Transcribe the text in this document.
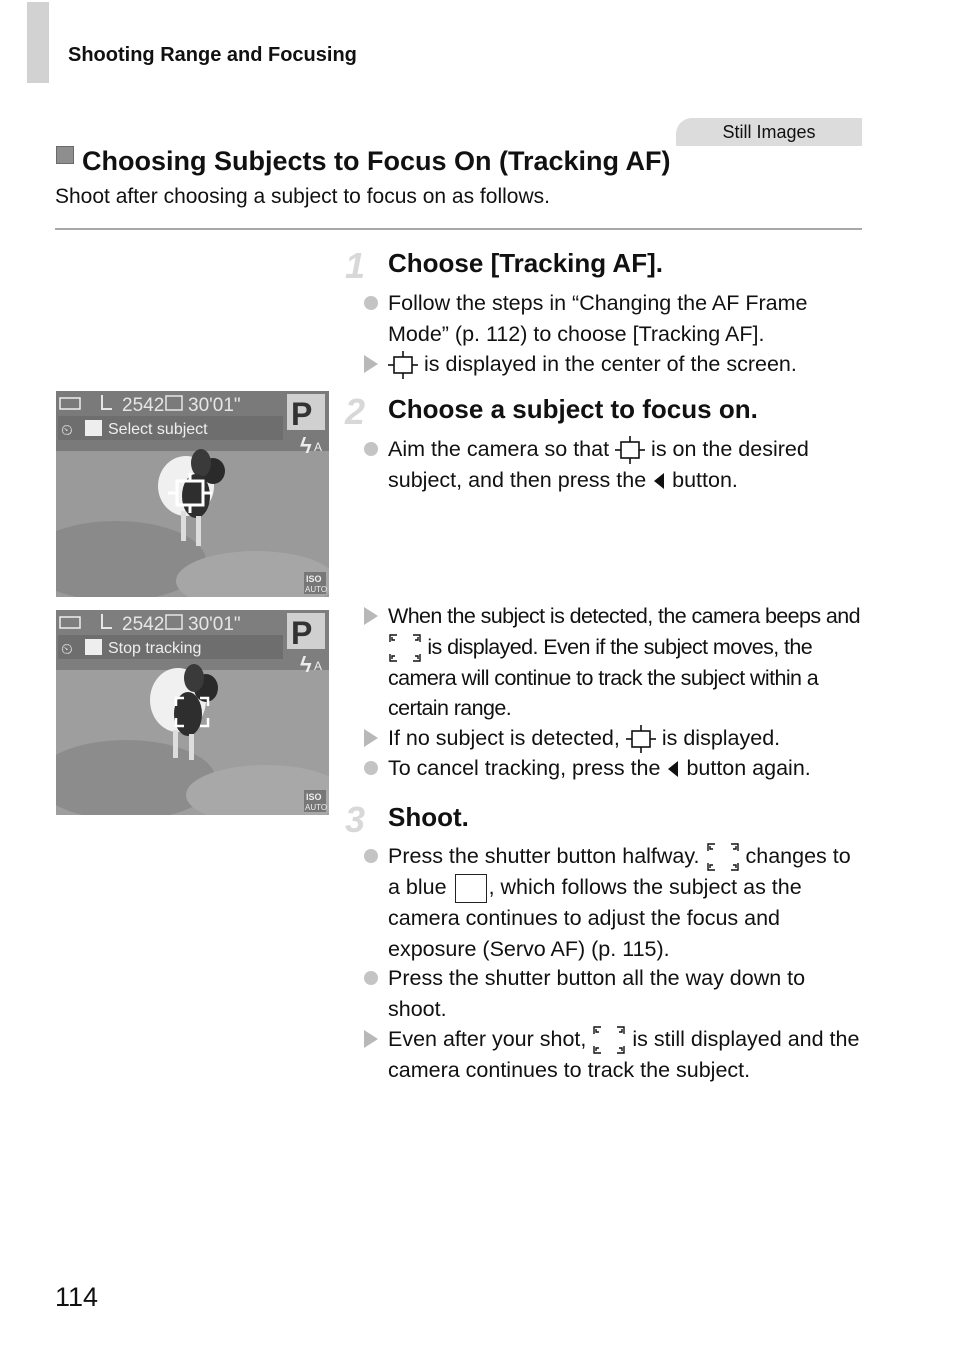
Shooting Range and Focusing
Still Images
Choosing Subjects to Focus On (Tracking AF)
Shoot after choosing a subject to focus on as follows.
1 Choose [Tracking AF].
Follow the steps in “Changing the AF Frame Mode” (p. 112) to choose [Tracking AF].
is displayed in the center of the screen.
2 Choose a subject to focus on.
Aim the camera so that is on the desired subject, and then press the button.
When the subject is detected, the camera beeps and  is displayed. Even if the subject moves, the camera will continue to track the subject within a certain range.
If no subject is detected, is displayed.
To cancel tracking, press the button again.
3 Shoot.
Press the shutter button halfway. changes to a blue , which follows the subject as the camera continues to adjust the focus and exposure (Servo AF) (p. 115).
Press the shutter button all the way down to shoot.
Even after your shot, is still displayed and the camera continues to track the subject.
2542 30'01" P
⏲ Select subject
ϟ A
ISO
AUTO
2542 30'01" P
⏲ Stop tracking
ϟ A
ISO
AUTO
114
